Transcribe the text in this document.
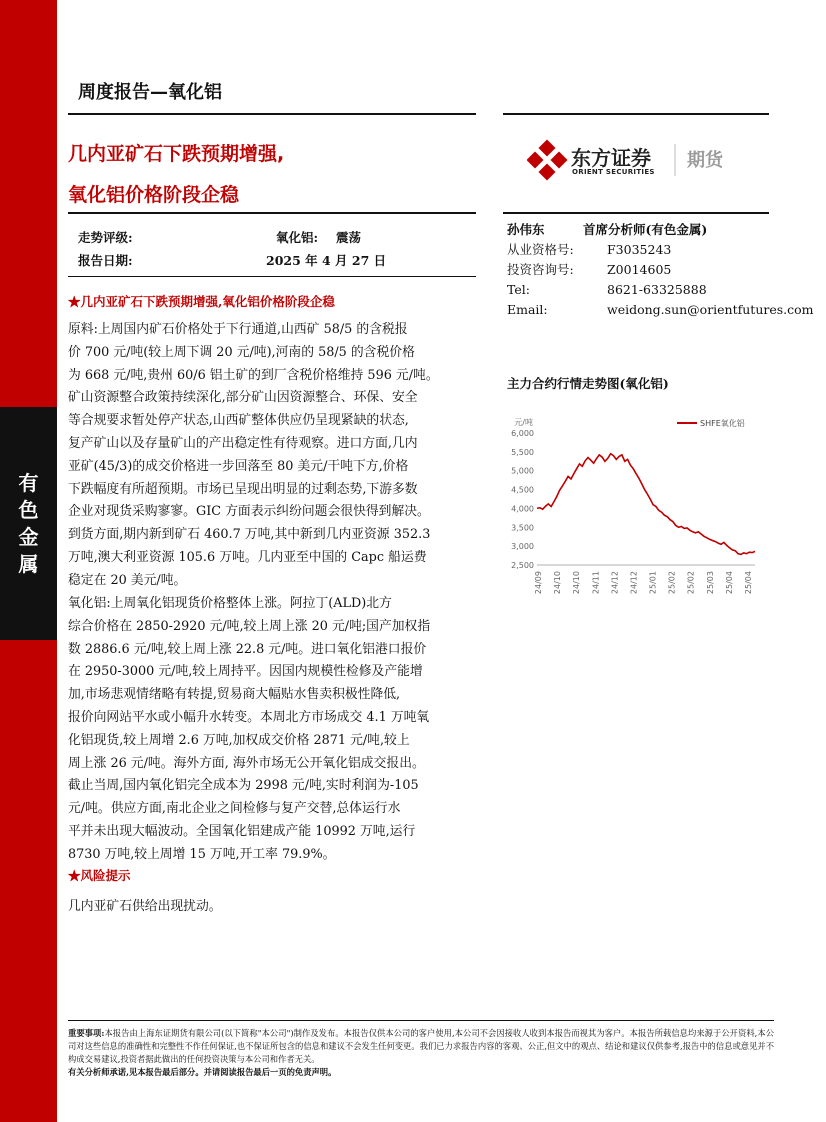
有
色
金
属
周度报告—氧化铝
几内亚矿石下跌预期增强,
氧化铝价格阶段企稳
东方证券
ORIENT SECURITIES
期货
走势评级:	氧化铝: 震荡
报告日期:	2025 年 4 月 27 日
孙伟东	首席分析师(有色金属)
从业资格号:	F3035243
投资咨询号:	Z0014605
Tel:	8621-63325888
Email:	weidong.sun@orientfutures.com
★几内亚矿石下跌预期增强,氧化铝价格阶段企稳
原料:上周国内矿石价格处于下行通道,山西矿 58/5 的含税报
价 700 元/吨(较上周下调 20 元/吨),河南的 58/5 的含税价格
为 668 元/吨,贵州 60/6 铝土矿的到厂含税价格维持 596 元/吨。
矿山资源整合政策持续深化,部分矿山因资源整合、环保、安全
等合规要求暂处停产状态,山西矿整体供应仍呈现紧缺的状态,
复产矿山以及存量矿山的产出稳定性有待观察。进口方面,几内
亚矿(45/3)的成交价格进一步回落至 80 美元/干吨下方,价格
下跌幅度有所超预期。市场已呈现出明显的过剩态势,下游多数
企业对现货采购寥寥。GIC 方面表示纠纷问题会很快得到解决。
到货方面,期内新到矿石 460.7 万吨,其中新到几内亚资源 352.3
万吨,澳大利亚资源 105.6 万吨。几内亚至中国的 Capc 船运费
稳定在 20 美元/吨。
氧化铝:上周氧化铝现货价格整体上涨。阿拉丁(ALD)北方
综合价格在 2850-2920 元/吨,较上周上涨 20 元/吨;国产加权指
数 2886.6 元/吨,较上周上涨 22.8 元/吨。进口氧化铝港口报价
在 2950-3000 元/吨,较上周持平。因国内规模性检修及产能增
加,市场悲观情绪略有转提,贸易商大幅贴水售卖积极性降低,
报价向网站平水或小幅升水转变。本周北方市场成交 4.1 万吨氧
化铝现货,较上周增 2.6 万吨,加权成交价格 2871 元/吨,较上
周上涨 26 元/吨。海外方面, 海外市场无公开氧化铝成交报出。
截止当周,国内氧化铝完全成本为 2998 元/吨,实时利润为-105
元/吨。供应方面,南北企业之间检修与复产交替,总体运行水
平并未出现大幅波动。全国氧化铝建成产能 10992 万吨,运行
8730 万吨,较上周增 15 万吨,开工率 79.9%。
★风险提示
几内亚矿石供给出现扰动。
主力合约行情走势图(氧化铝)
元/吨
2,500
3,000
3,500
4,000
4,500
5,000
5,500
6,000
24/09 24/10 24/10 24/11 24/12 24/12 25/01 25/02 25/02 25/03 25/04 25/04
SHFE氧化铝
重要事项:本报告由上海东证期货有限公司(以下简称"本公司")制作及发布。本报告仅供本公司的客户使用,本公司不会因接收人收到本报告而视其为客户。本报告所载信息均来源于公开资料,本公司对这些信息的准确性和完整性不作任何保证,也不保证所包含的信息和建议不会发生任何变更。我们已力求报告内容的客观、公正,但文中的观点、结论和建议仅供参考,报告中的信息或意见并不构成交易建议,投资者据此做出的任何投资决策与本公司和作者无关。
有关分析师承诺,见本报告最后部分。并请阅读报告最后一页的免责声明。
